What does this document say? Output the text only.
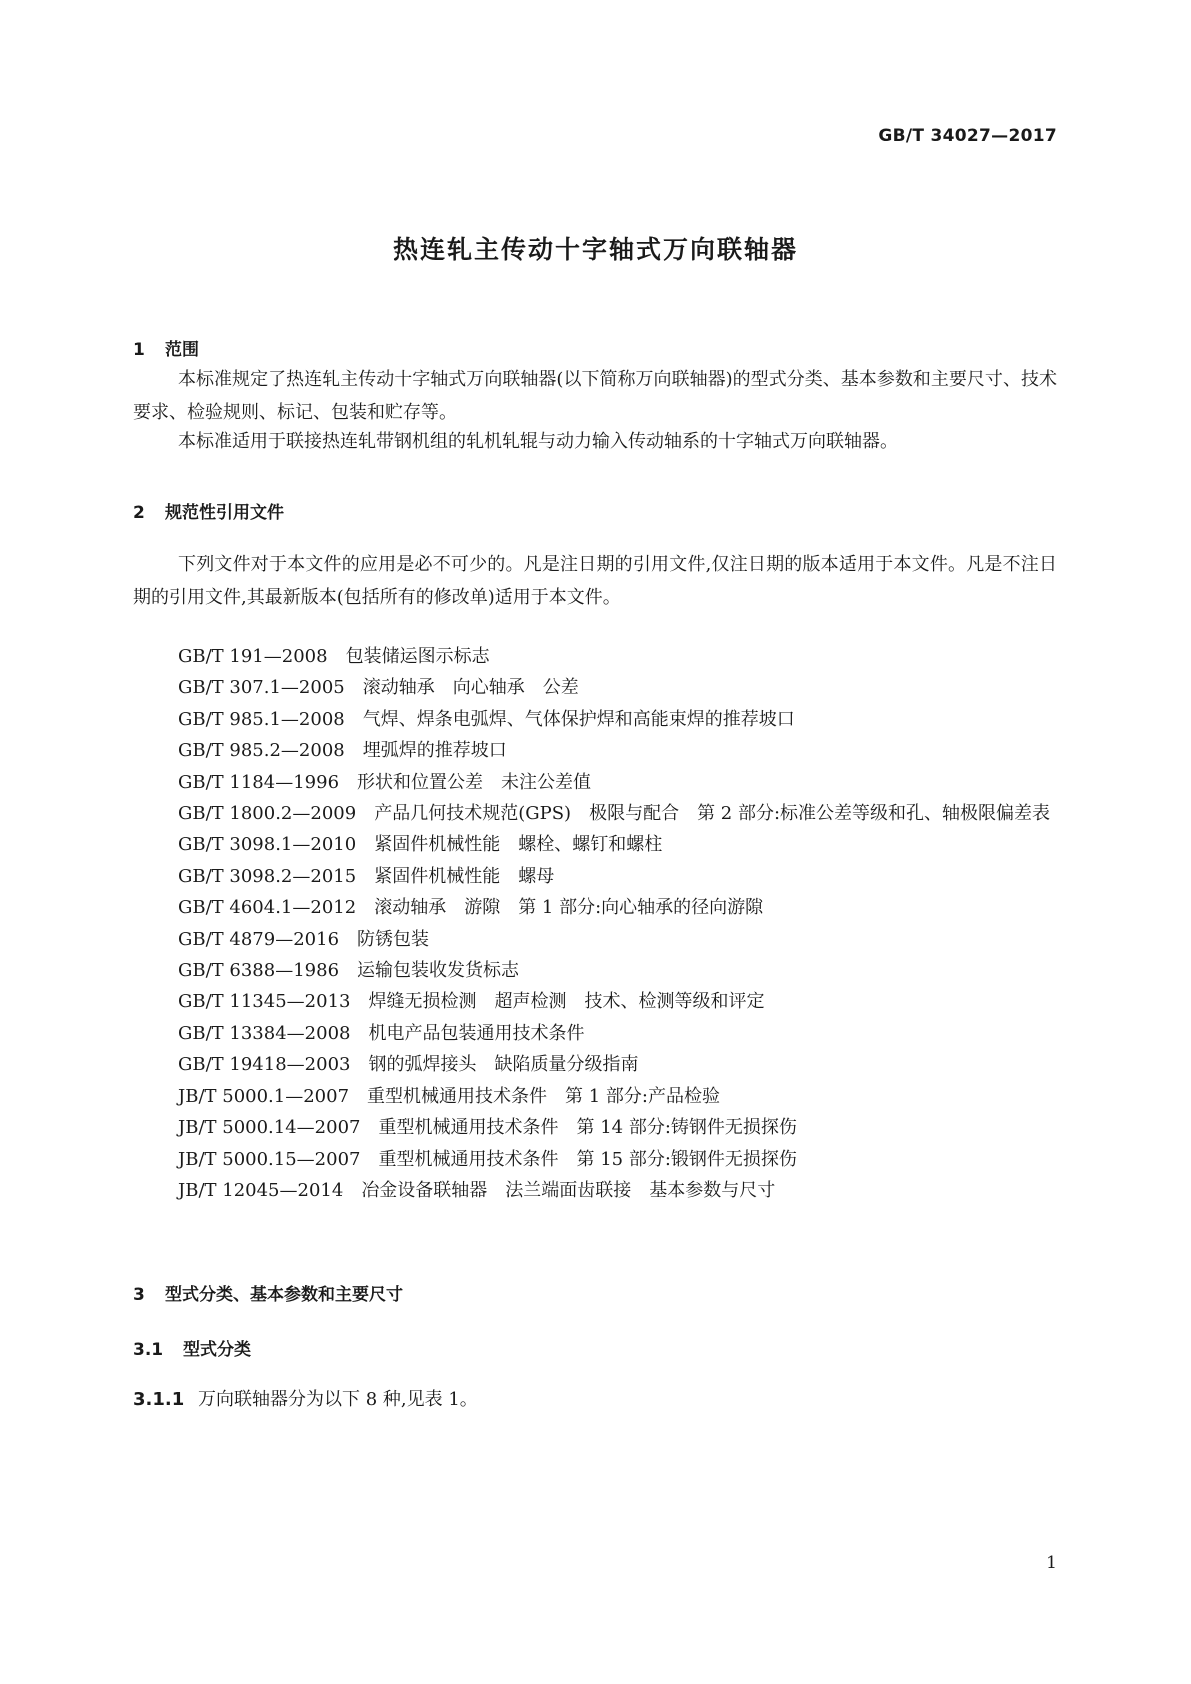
GB/T 34027—2017
热连轧主传动十字轴式万向联轴器
1 范围

本标准规定了热连轧主传动十字轴式万向联轴器(以下简称万向联轴器)的型式分类、基本参数和主要尺寸、技术要求、检验规则、标记、包装和贮存等。

本标准适用于联接热连轧带钢机组的轧机轧辊与动力输入传动轴系的十字轴式万向联轴器。

2 规范性引用文件

下列文件对于本文件的应用是必不可少的。凡是注日期的引用文件,仅注日期的版本适用于本文件。凡是不注日期的引用文件,其最新版本(包括所有的修改单)适用于本文件。

GB/T 191—2008 包装储运图示标志
GB/T 307.1—2005 滚动轴承　向心轴承　公差
GB/T 985.1—2008 气焊、焊条电弧焊、气体保护焊和高能束焊的推荐坡口
GB/T 985.2—2008 埋弧焊的推荐坡口
GB/T 1184—1996 形状和位置公差　未注公差值
GB/T 1800.2—2009 产品几何技术规范(GPS)　极限与配合　第 2 部分:标准公差等级和孔、轴极限偏差表
GB/T 3098.1—2010 紧固件机械性能　螺栓、螺钉和螺柱
GB/T 3098.2—2015 紧固件机械性能　螺母
GB/T 4604.1—2012 滚动轴承　游隙　第 1 部分:向心轴承的径向游隙
GB/T 4879—2016 防锈包装
GB/T 6388—1986 运输包装收发货标志
GB/T 11345—2013 焊缝无损检测　超声检测　技术、检测等级和评定
GB/T 13384—2008 机电产品包装通用技术条件
GB/T 19418—2003 钢的弧焊接头　缺陷质量分级指南
JB/T 5000.1—2007 重型机械通用技术条件　第 1 部分:产品检验
JB/T 5000.14—2007 重型机械通用技术条件　第 14 部分:铸钢件无损探伤
JB/T 5000.15—2007 重型机械通用技术条件　第 15 部分:锻钢件无损探伤
JB/T 12045—2014 冶金设备联轴器　法兰端面齿联接　基本参数与尺寸
3 型式分类、基本参数和主要尺寸
3.1 型式分类
3.1.1 万向联轴器分为以下 8 种,见表 1。
1
